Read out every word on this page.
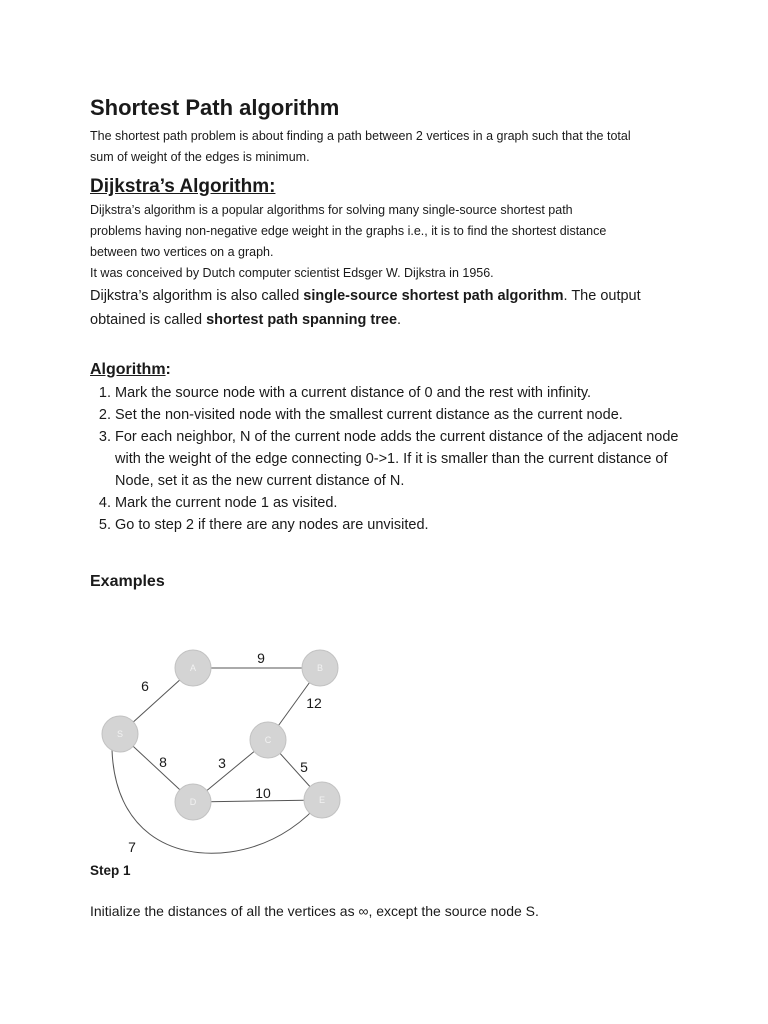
Shortest Path algorithm

The shortest path problem is about finding a path between 2 vertices in a graph such that the total
sum of weight of the edges is minimum.

Dijkstra’s Algorithm:

Dijkstra’s algorithm is a popular algorithms for solving many single-source shortest path
problems having non-negative edge weight in the graphs i.e., it is to find the shortest distance
between two vertices on a graph.

It was conceived by Dutch computer scientist Edsger W. Dijkstra in 1956.

Dijkstra’s algorithm is also called single-source shortest path algorithm. The output
obtained is called shortest path spanning tree.

Algorithm:
1. Mark the source node with a current distance of 0 and the rest with infinity.
2. Set the non-visited node with the smallest current distance as the current node.
3. For each neighbor, N of the current node adds the current distance of the adjacent node with the weight of the edge connecting 0->1. If it is smaller than the current distance of Node, set it as the new current distance of N.
4. Mark the current node 1 as visited.
5. Go to step 2 if there are any nodes are unvisited.
Examples
S
A	B
C
D	E
6
9
12
8	3	5
10
7

Step 1

Initialize the distances of all the vertices as ∞, except the source node S.
